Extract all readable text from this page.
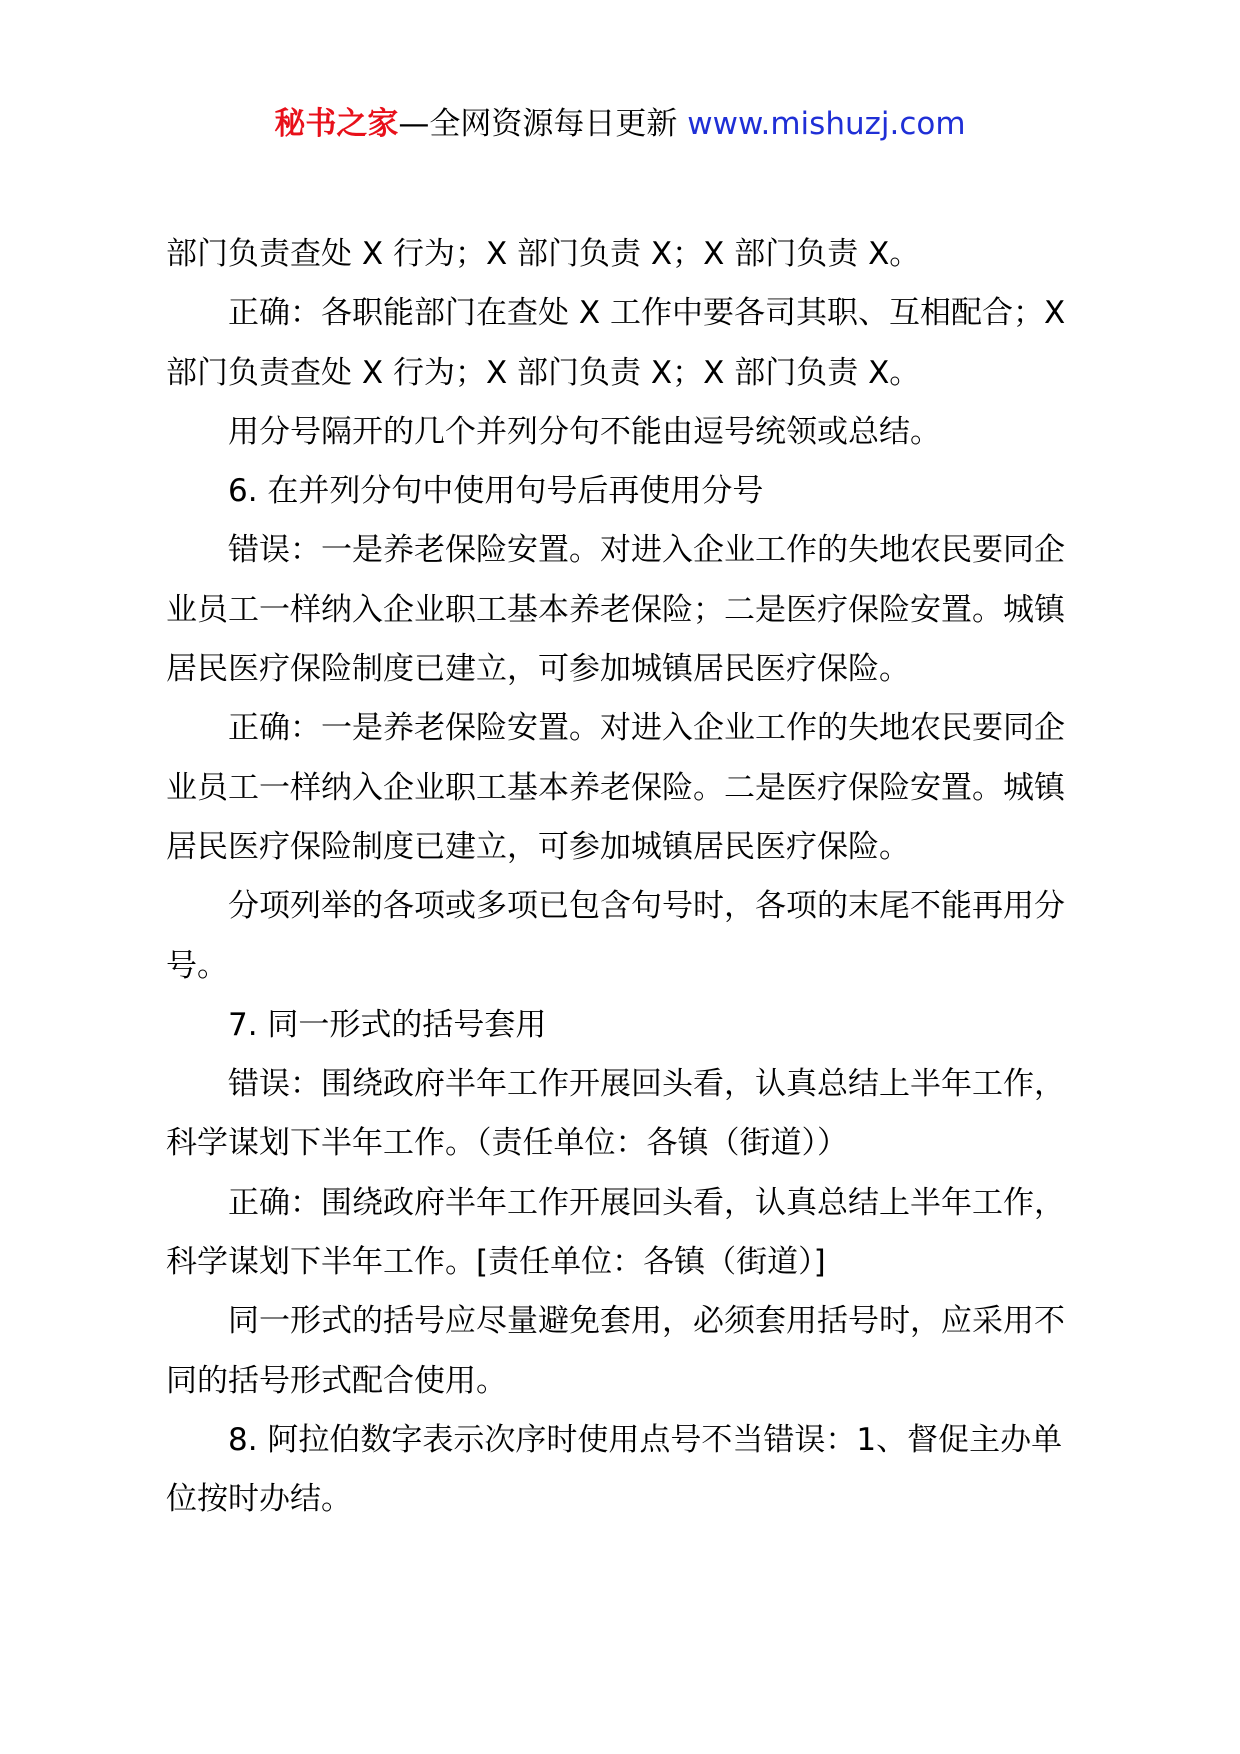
秘书之家—全网资源每日更新 www.mishuzj.com

部门负责查处 X 行为；X 部门负责 X；X 部门负责 X。

正确：各职能部门在查处 X 工作中要各司其职、互相配合；X 部门负责查处 X 行为；X 部门负责 X；X 部门负责 X。

用分号隔开的几个并列分句不能由逗号统领或总结。

6. 在并列分句中使用句号后再使用分号

错误：一是养老保险安置。对进入企业工作的失地农民要同企业员工一样纳入企业职工基本养老保险；二是医疗保险安置。城镇居民医疗保险制度已建立，可参加城镇居民医疗保险。

正确：一是养老保险安置。对进入企业工作的失地农民要同企业员工一样纳入企业职工基本养老保险。二是医疗保险安置。城镇居民医疗保险制度已建立，可参加城镇居民医疗保险。

分项列举的各项或多项已包含句号时，各项的末尾不能再用分号。

7. 同一形式的括号套用

错误：围绕政府半年工作开展回头看，认真总结上半年工作，科学谋划下半年工作。（责任单位：各镇（街道））

正确：围绕政府半年工作开展回头看，认真总结上半年工作，科学谋划下半年工作。[责任单位：各镇（街道）]

同一形式的括号应尽量避免套用，必须套用括号时，应采用不同的括号形式配合使用。

8. 阿拉伯数字表示次序时使用点号不当错误：1、督促主办单位按时办结。
